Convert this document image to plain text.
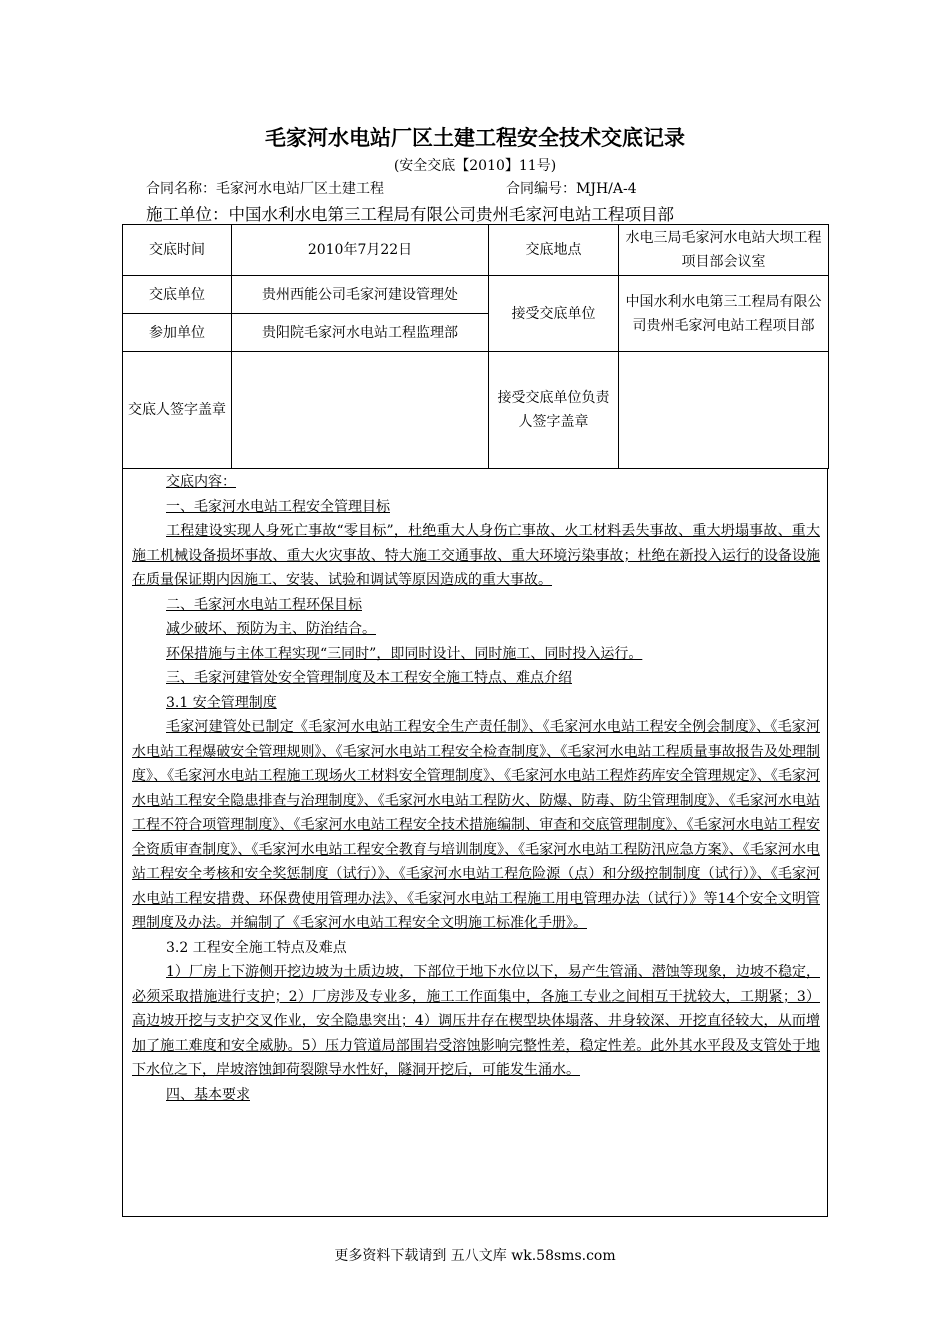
毛家河水电站厂区土建工程安全技术交底记录
(安全交底【2010】11号)
合同名称：毛家河水电站厂区土建工程	合同编号：MJH/A-4
施工单位：中国水利水电第三工程局有限公司贵州毛家河电站工程项目部
交底时间	2010年7月22日	交底地点	水电三局毛家河水电站大坝工程项目部会议室
交底单位	贵州西能公司毛家河建设管理处	接受交底单位	中国水利水电第三工程局有限公司贵州毛家河电站工程项目部
参加单位	贵阳院毛家河水电站工程监理部		
交底人签字盖章		接受交底单位负责人签字盖章	

交底内容：

一、毛家河水电站工程安全管理目标

工程建设实现人身死亡事故“零目标”，杜绝重大人身伤亡事故、火工材料丢失事故、重大坍塌事故、重大施工机械设备损坏事故、重大火灾事故、特大施工交通事故、重大环境污染事故；杜绝在新投入运行的设备设施在质量保证期内因施工、安装、试验和调试等原因造成的重大事故。

二、毛家河水电站工程环保目标

减少破坏、预防为主、防治结合。

环保措施与主体工程实现“三同时”，即同时设计、同时施工、同时投入运行。

三、毛家河建管处安全管理制度及本工程安全施工特点、难点介绍

3.1 安全管理制度

毛家河建管处已制定《毛家河水电站工程安全生产责任制》、《毛家河水电站工程安全例会制度》、《毛家河水电站工程爆破安全管理规则》、《毛家河水电站工程安全检查制度》、《毛家河水电站工程质量事故报告及处理制度》、《毛家河水电站工程施工现场火工材料安全管理制度》、《毛家河水电站工程炸药库安全管理规定》、《毛家河水电站工程安全隐患排查与治理制度》、《毛家河水电站工程防火、防爆、防毒、防尘管理制度》、《毛家河水电站工程不符合项管理制度》、《毛家河水电站工程安全技术措施编制、审查和交底管理制度》、《毛家河水电站工程安全资质审查制度》、《毛家河水电站工程安全教育与培训制度》、《毛家河水电站工程防汛应急方案》、《毛家河水电站工程安全考核和安全奖惩制度（试行）》、《毛家河水电站工程危险源（点）和分级控制制度（试行）》、《毛家河水电站工程安措费、环保费使用管理办法》、《毛家河水电站工程施工用电管理办法（试行）》等14个安全文明管理制度及办法。并编制了《毛家河水电站工程安全文明施工标准化手册》。

3.2 工程安全施工特点及难点

1）厂房上下游侧开挖边坡为土质边坡，下部位于地下水位以下，易产生管涌、潜蚀等现象，边坡不稳定，必须采取措施进行支护；2）厂房涉及专业多，施工工作面集中，各施工专业之间相互干扰较大，工期紧；3）高边坡开挖与支护交叉作业，安全隐患突出；4）调压井存在楔型块体塌落、井身较深、开挖直径较大，从而增加了施工难度和安全威胁。5）压力管道局部围岩受溶蚀影响完整性差，稳定性差。此外其水平段及支管处于地下水位之下，岸坡溶蚀卸荷裂隙导水性好，隧洞开挖后，可能发生涌水。

四、基本要求

更多资料下载请到 五八文库 wk.58sms.com
